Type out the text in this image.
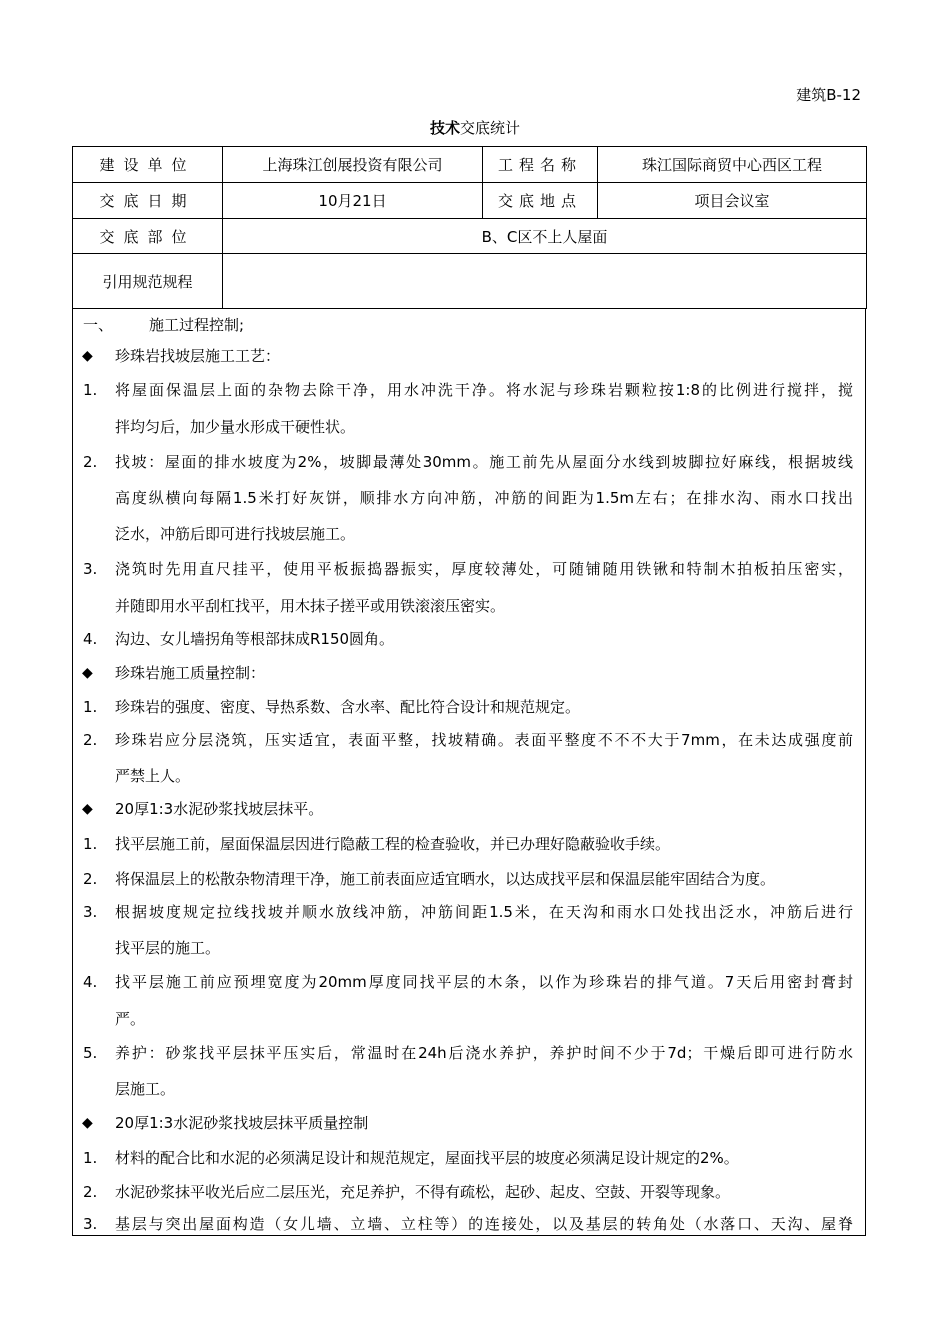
建筑B-12
技术交底统计
建设单位	上海珠江创展投资有限公司	工程名称	珠江国际商贸中心西区工程
交底日期	10月21日	交底地点	项目会议室
交底部位	B、C区不上人屋面		
引用规范规程			
一、 施工过程控制;
◆ 珍珠岩找坡层施工工艺：
1. 将屋面保温层上面的杂物去除干净，用水冲洗干净。将水泥与珍珠岩颗粒按1:8的比例进行搅拌，搅
拌均匀后，加少量水形成干硬性状。
2. 找坡：屋面的排水坡度为2%，坡脚最薄处30mm。施工前先从屋面分水线到坡脚拉好麻线，根据坡线
高度纵横向每隔1.5米打好灰饼，顺排水方向冲筋，冲筋的间距为1.5m左右；在排水沟、雨水口找出
泛水，冲筋后即可进行找坡层施工。
3. 浇筑时先用直尺挂平，使用平板振捣器振实，厚度较薄处，可随铺随用铁锹和特制木拍板拍压密实，
并随即用水平刮杠找平，用木抹子搓平或用铁滚滚压密实。
4. 沟边、女儿墙拐角等根部抹成R150圆角。
◆ 珍珠岩施工质量控制：
1. 珍珠岩的强度、密度、导热系数、含水率、配比符合设计和规范规定。
2. 珍珠岩应分层浇筑，压实适宜，表面平整，找坡精确。表面平整度不不不大于7mm，在未达成强度前
严禁上人。
◆ 20厚1:3水泥砂浆找坡层抹平。
1. 找平层施工前，屋面保温层因进行隐蔽工程的检查验收，并已办理好隐蔽验收手续。
2. 将保温层上的松散杂物清理干净，施工前表面应适宜晒水，以达成找平层和保温层能牢固结合为度。
3. 根据坡度规定拉线找坡并顺水放线冲筋，冲筋间距1.5米，在天沟和雨水口处找出泛水，冲筋后进行
找平层的施工。
4. 找平层施工前应预埋宽度为20mm厚度同找平层的木条，以作为珍珠岩的排气道。7天后用密封膏封
严。
5. 养护：砂浆找平层抹平压实后，常温时在24h后浇水养护，养护时间不少于7d；干燥后即可进行防水
层施工。
◆ 20厚1:3水泥砂浆找坡层抹平质量控制
1. 材料的配合比和水泥的必须满足设计和规范规定，屋面找平层的坡度必须满足设计规定的2%。
2. 水泥砂浆抹平收光后应二层压光，充足养护，不得有疏松，起砂、起皮、空鼓、开裂等现象。
3. 基层与突出屋面构造（女儿墙、立墙、立柱等）的连接处，以及基层的转角处（水落口、天沟、屋脊
